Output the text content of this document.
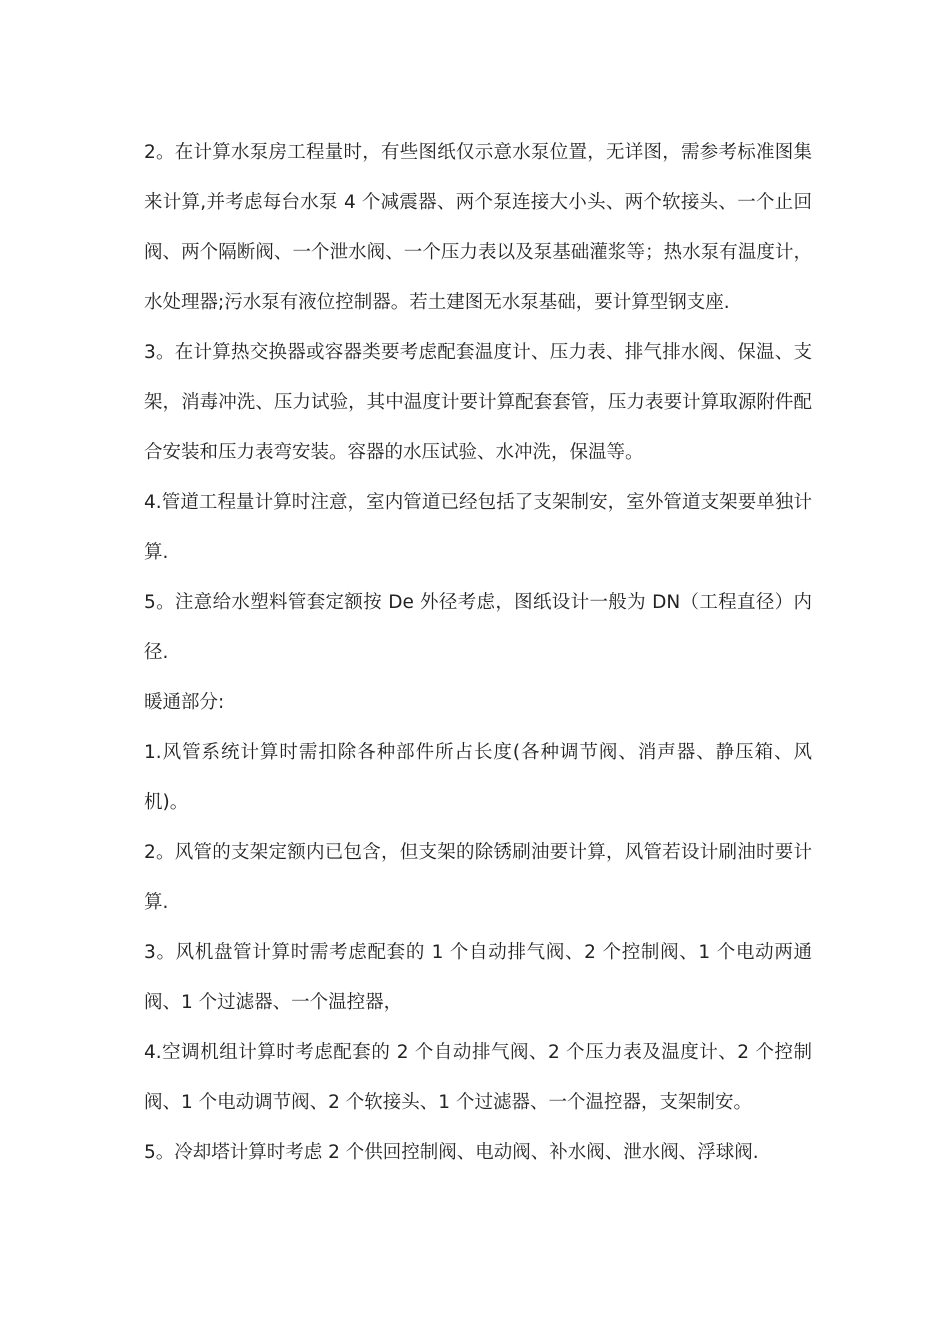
2。在计算水泵房工程量时，有些图纸仅示意水泵位置，无详图，需参考标准图集来计算,并考虑每台水泵 4 个减震器、两个泵连接大小头、两个软接头、一个止回阀、两个隔断阀、一个泄水阀、一个压力表以及泵基础灌浆等；热水泵有温度计，水处理器;污水泵有液位控制器。若土建图无水泵基础，要计算型钢支座.

3。在计算热交换器或容器类要考虑配套温度计、压力表、排气排水阀、保温、支架，消毒冲洗、压力试验，其中温度计要计算配套套管，压力表要计算取源附件配合安装和压力表弯安装。容器的水压试验、水冲洗，保温等。

4.管道工程量计算时注意，室内管道已经包括了支架制安，室外管道支架要单独计算.

5。注意给水塑料管套定额按 De 外径考虑，图纸设计一般为 DN（工程直径）内径.

暖通部分:

1.风管系统计算时需扣除各种部件所占长度(各种调节阀、消声器、静压箱、风机)。

2。风管的支架定额内已包含，但支架的除锈刷油要计算，风管若设计刷油时要计算.

3。风机盘管计算时需考虑配套的 1 个自动排气阀、2 个控制阀、1 个电动两通阀、1 个过滤器、一个温控器，

4.空调机组计算时考虑配套的 2 个自动排气阀、2 个压力表及温度计、2 个控制阀、1 个电动调节阀、2 个软接头、1 个过滤器、一个温控器，支架制安。

5。冷却塔计算时考虑 2 个供回控制阀、电动阀、补水阀、泄水阀、浮球阀.
